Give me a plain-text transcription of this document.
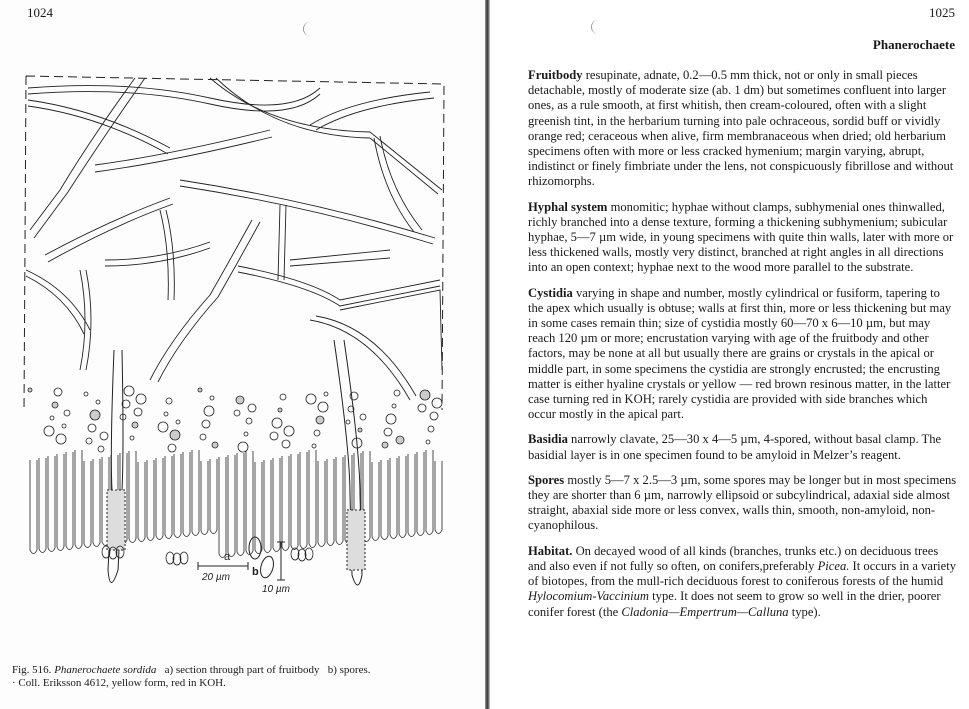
1024
a
20 µm b
10 µm
Fig. 516. Phanerochaete sordida a) section through part of fruitbody b) spores.
· Coll. Eriksson 4612, yellow form, red in KOH.
1025
Phanerochaete

Fruitbody resupinate, adnate, 0.2—0.5 mm thick, not or only in small pieces detachable, mostly of moderate size (ab. 1 dm) but sometimes confluent into larger ones, as a rule smooth, at first whitish, then cream-coloured, often with a slight greenish tint, in the herbarium turning into pale ochraceous, sordid buff or vividly orange red; ceraceous when alive, firm membranaceous when dried; old herbarium specimens often with more or less cracked hymenium; margin varying, abrupt, indistinct or finely fimbriate under the lens, not conspicuously fibrillose and without rhizomorphs.

Hyphal system monomitic; hyphae without clamps, subhymenial ones thinwalled, richly branched into a dense texture, forming a thickening subhymenium; subicular hyphae, 5—7 µm wide, in young specimens with quite thin walls, later with more or less thickened walls, mostly very distinct, branched at right angles in all directions into an open context; hyphae next to the wood more parallel to the substrate.

Cystidia varying in shape and number, mostly cylindrical or fusiform, tapering to the apex which usually is obtuse; walls at first thin, more or less thickening but may in some cases remain thin; size of cystidia mostly 60—70 x 6—10 µm, but may reach 120 µm or more; encrustation varying with age of the fruitbody and other factors, may be none at all but usually there are grains or crystals in the apical or middle part, in some specimens the cystidia are strongly encrusted; the encrusting matter is either hyaline crystals or yellow — red brown resinous matter, in the latter case turning red in KOH; rarely cystidia are provided with side branches which occur mostly in the apical part.

Basidia narrowly clavate, 25—30 x 4—5 µm, 4-spored, without basal clamp. The basidial layer is in one specimen found to be amyloid in Melzer’s reagent.

Spores mostly 5—7 x 2.5—3 µm, some spores may be longer but in most specimens they are shorter than 6 µm, narrowly ellipsoid or subcylindrical, adaxial side almost straight, abaxial side more or less convex, walls thin, smooth, non-amyloid, non-cyanophilous.

Habitat. On decayed wood of all kinds (branches, trunks etc.) on deciduous trees and also even if not fully so often, on conifers,preferably Picea. It occurs in a variety of biotopes, from the mull-rich deciduous forest to coniferous forests of the humid Hylocomium-Vaccinium type. It does not seem to grow so well in the drier, poorer conifer forest (the Cladonia—Empertrum—Calluna type).
